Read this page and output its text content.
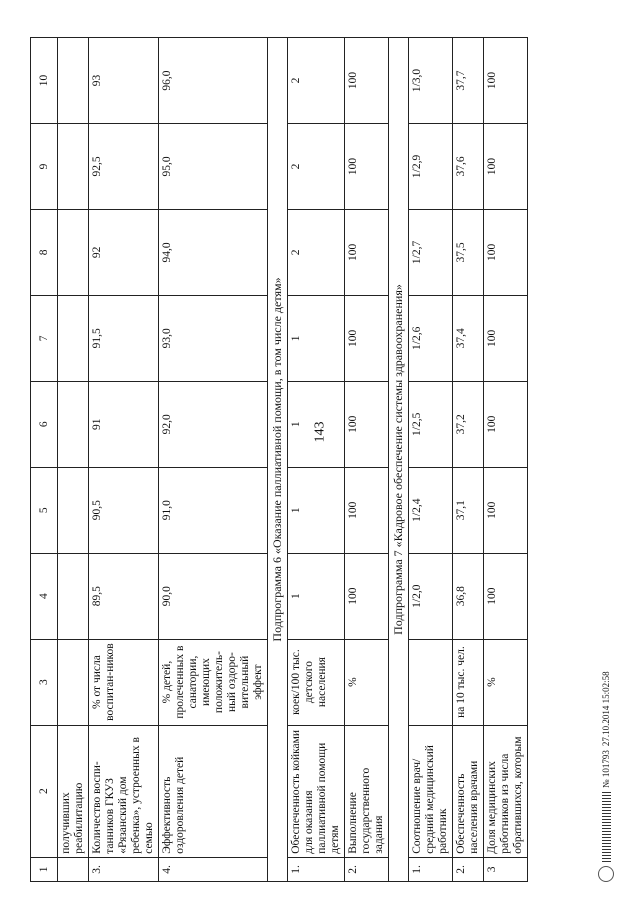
143
1	2	3	4	5	6	7	8	9	10
	получивших реабилитацию								
3.	Количество воспи-танников ГКУЗ «Рязанский дом ребенка», устроенных в семью	% от числа воспитан-ников	89,5	90,5	91	91,5	92	92,5	93
4.	Эффективность оздоровления детей	% детей, пролеченных в санатории, имеющих положитель-ный оздоро-вительный эффект	90,0	91,0	92,0	93,0	94,0	95,0	96,0
Подпрограмма 6 «Оказание паллиативной помощи, в том числе детям»									
1.	Обеспеченность койками для оказания паллиативной помощи детям	коек/100 тыс. детского населения	1	1	1	1	2	2	2
2.	Выполнение государственного задания	%	100	100	100	100	100	100	100
Подпрограмма 7 «Кадровое обеспечение системы здравоохранения»									
1.	Соотношение врач/средний медицинский работник		1/2,0	1/2,4	1/2,5	1/2,6	1/2,7	1/2,9	1/3,0
2.	Обеспеченность населения врачами	на 10 тыс. чел.	36,8	37,1	37,2	37,4	37,5	37,6	37,7
3	Доля медицинских работников из числа обратившихся, которым	%	100	100	100	100	100	100	100
№ 101793
27.10.2014 15:02:58
